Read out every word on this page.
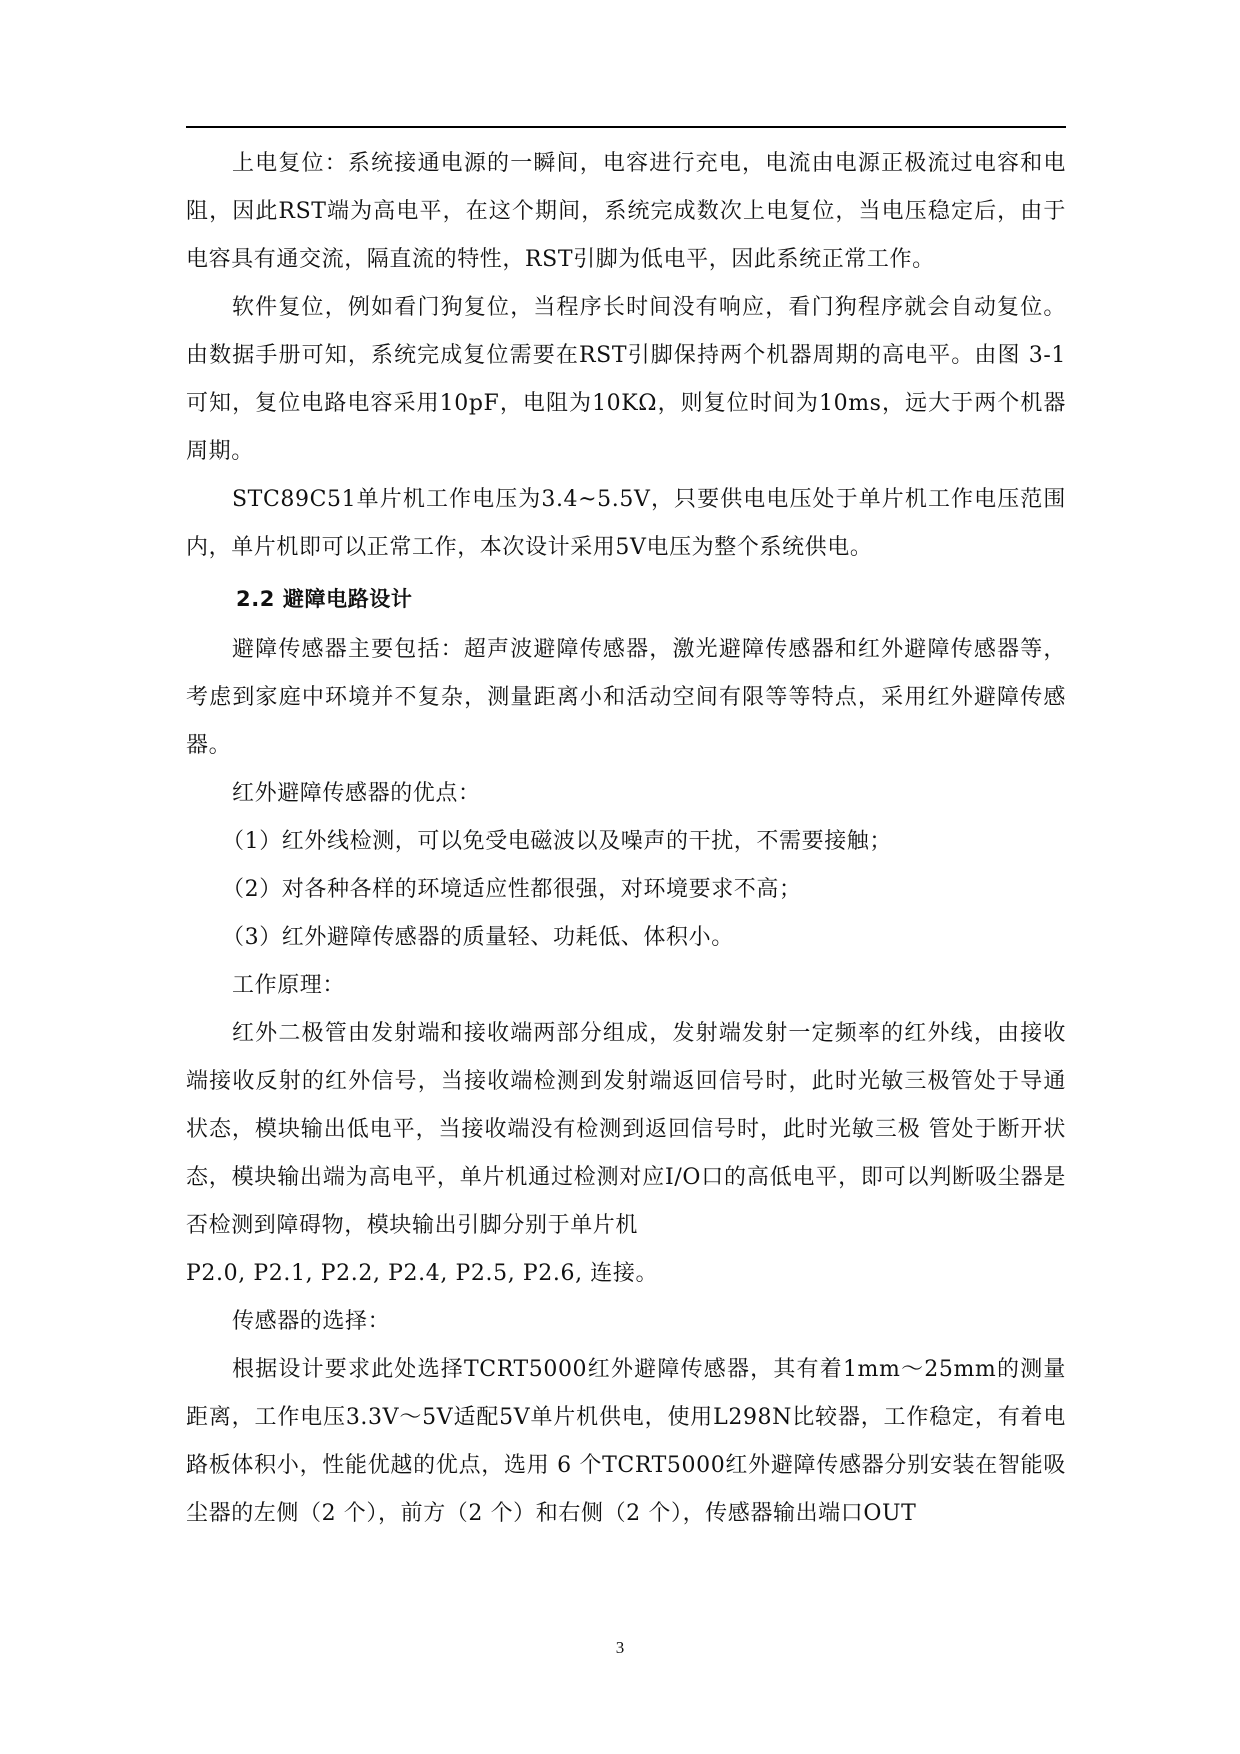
上电复位：系统接通电源的一瞬间，电容进行充电，电流由电源正极流过电容和电阻，因此RST端为高电平，在这个期间，系统完成数次上电复位，当电压稳定后，由于电容具有通交流，隔直流的特性，RST引脚为低电平，因此系统正常工作。

软件复位，例如看门狗复位，当程序长时间没有响应，看门狗程序就会自动复位。由数据手册可知，系统完成复位需要在RST引脚保持两个机器周期的高电平。由图 3-1 可知，复位电路电容采用10pF，电阻为10KΩ，则复位时间为10ms，远大于两个机器周期。

STC89C51单片机工作电压为3.4~5.5V，只要供电电压处于单片机工作电压范围内，单片机即可以正常工作，本次设计采用5V电压为整个系统供电。

2.2 避障电路设计

避障传感器主要包括：超声波避障传感器，激光避障传感器和红外避障传感器等，考虑到家庭中环境并不复杂，测量距离小和活动空间有限等等特点，采用红外避障传感器。

红外避障传感器的优点：

（1）红外线检测，可以免受电磁波以及噪声的干扰，不需要接触；

（2）对各种各样的环境适应性都很强，对环境要求不高；

（3）红外避障传感器的质量轻、功耗低、体积小。

工作原理：

红外二极管由发射端和接收端两部分组成，发射端发射一定频率的红外线，由接收端接收反射的红外信号，当接收端检测到发射端返回信号时，此时光敏三极管处于导通状态，模块输出低电平，当接收端没有检测到返回信号时，此时光敏三极 管处于断开状态，模块输出端为高电平，单片机通过检测对应I/O口的高低电平，即可以判断吸尘器是否检测到障碍物，模块输出引脚分别于单片机

P2.0, P2.1, P2.2, P2.4, P2.5, P2.6, 连接。

传感器的选择：

根据设计要求此处选择TCRT5000红外避障传感器，其有着1mm～25mm的测量距离，工作电压3.3V～5V适配5V单片机供电，使用L298N比较器，工作稳定，有着电路板体积小，性能优越的优点，选用 6 个TCRT5000红外避障传感器分别安装在智能吸尘器的左侧（2 个），前方（2 个）和右侧（2 个），传感器输出端口OUT

3
